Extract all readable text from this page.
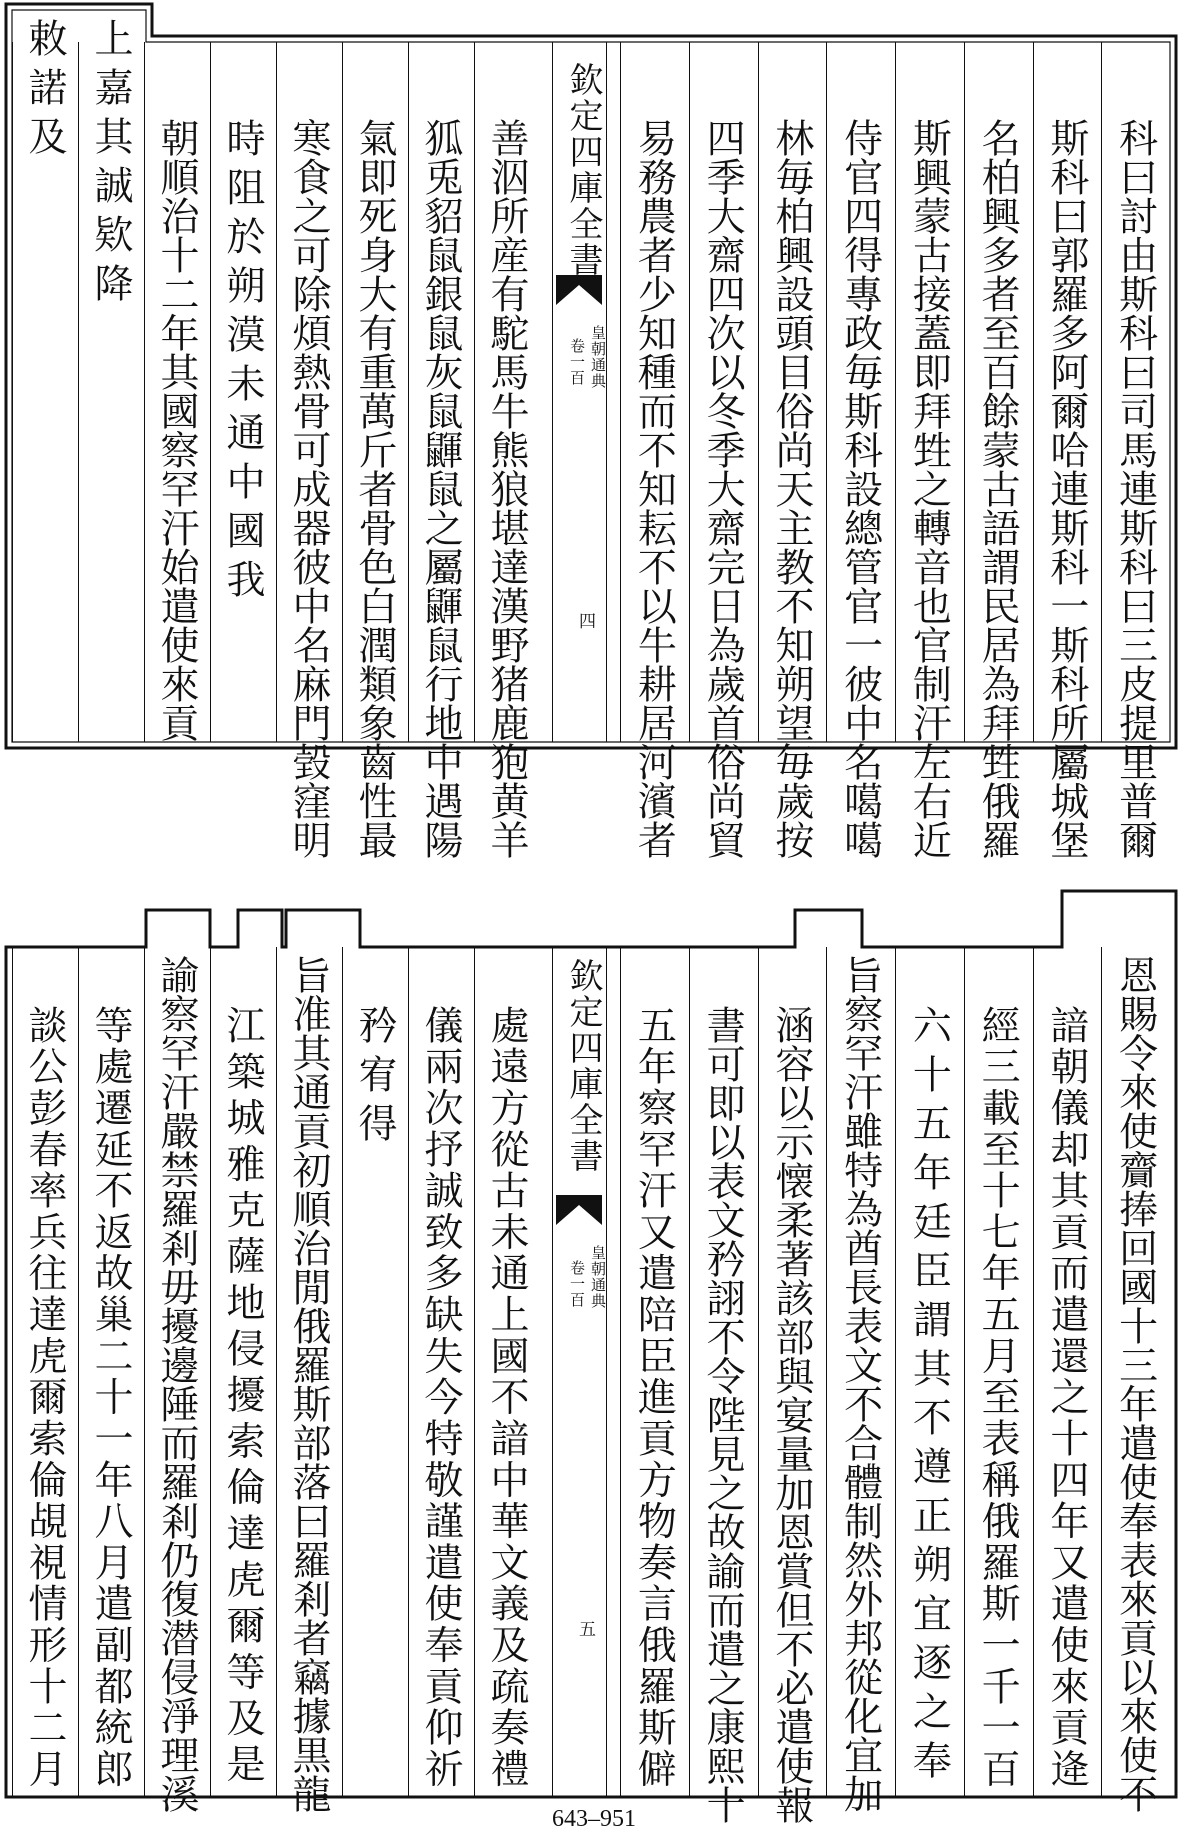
科曰討由斯科曰司馬連斯科曰三皮提里普爾
斯科曰郭羅多阿爾哈連斯科一斯科所屬城堡
名柏興多者至百餘蒙古語謂民居為拜甡俄羅
斯興蒙古接蓋即拜甡之轉音也官制汗左右近
侍官四得專政毎斯科設總管官一彼中名噶噶
林毎柏興設頭目俗尚天主教不知朔望毎歲按
四季大齋四次以冬季大齋完日為歲首俗尚貿
易務農者少知種而不知耘不以牛耕居河濱者
善泅所産有駝馬牛熊狼堪達漢野猪鹿狍黄羊
狐兎貂鼠銀鼠灰鼠鼲鼠之屬鼲鼠行地中遇陽
氣即死身大有重萬斤者骨色白潤類象齒性最
寒食之可除煩熱骨可成器彼中名麻門㲄窪明
時阻於朔漠未通中國我
朝順治十二年其國察罕汗始遣使來貢
上嘉其誠欵降
敕諾及	欽定四庫全書
皇朝通典
卷一百
四
恩賜令來使齎捧回國十三年遣使奉表來貢以來使不
諳朝儀却其貢而遣還之十四年又遣使來貢逄
經三載至十七年五月至表稱俄羅斯一千一百
六十五年廷臣謂其不遵正朔宜逐之奉
旨察罕汗雖特為酋長表文不合體制然外邦從化宜加
涵容以示懐柔著該部與宴量加恩賞但不必遣使報
書可即以表文矜詡不令陛見之故諭而遣之康熙十
五年察罕汗又遣陪臣進貢方物奏言俄羅斯僻
處遠方從古未通上國不諳中華文義及疏奏禮
儀兩次抒誠致多缺失今特敬謹遣使奉貢仰祈
矜宥得
旨准其通貢初順治閒俄羅斯部落曰羅剎者竊據黒龍
江築城雅克薩地侵擾索倫達虎爾等及是
諭察罕汗嚴禁羅剎毋擾邊陲而羅剎仍復潜侵淨理溪
等處遷延不返故巢二十一年八月遣副都統郎
談公彭春率兵往達虎爾索倫覘視情形十二月	欽定四庫全書
皇朝通典
卷一百
五
643–951
